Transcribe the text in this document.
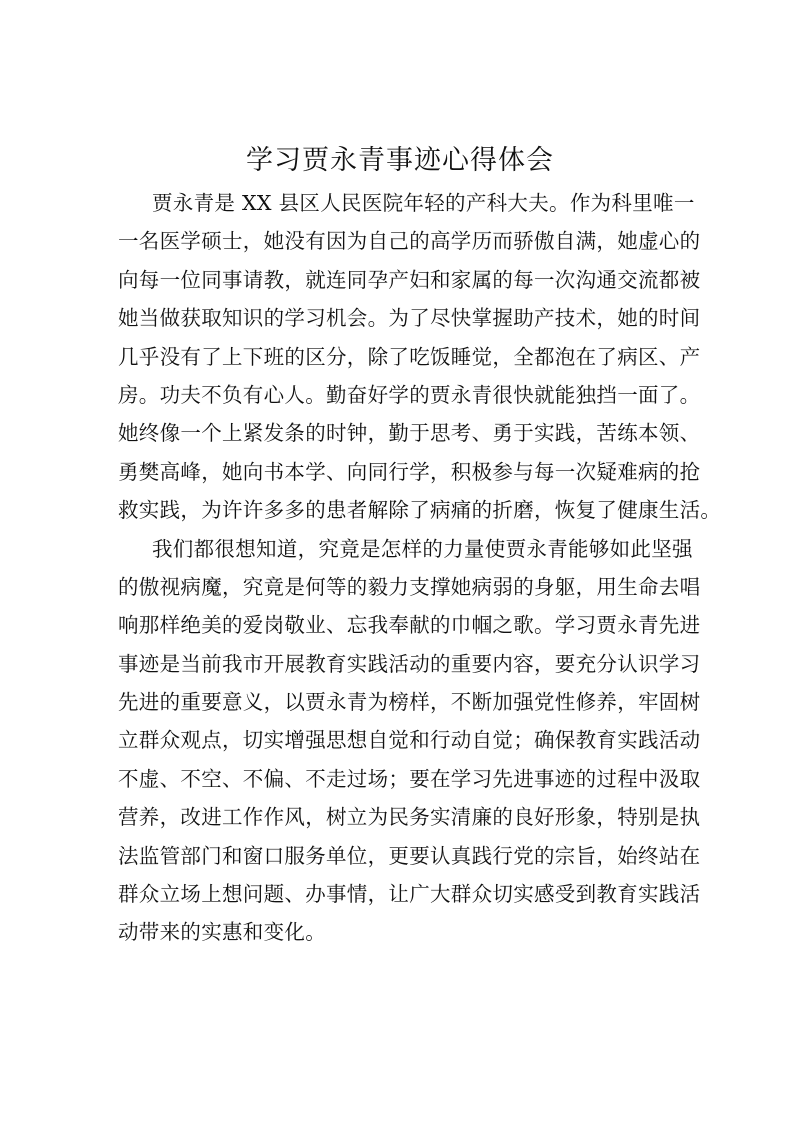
学习贾永青事迹心得体会
贾永青是 XX 县区人民医院年轻的产科大夫。作为科里唯一
一名医学硕士，她没有因为自己的高学历而骄傲自满，她虚心的
向每一位同事请教，就连同孕产妇和家属的每一次沟通交流都被
她当做获取知识的学习机会。为了尽快掌握助产技术，她的时间
几乎没有了上下班的区分，除了吃饭睡觉，全都泡在了病区、产
房。功夫不负有心人。勤奋好学的贾永青很快就能独挡一面了。
她终像一个上紧发条的时钟，勤于思考、勇于实践，苦练本领、
勇樊高峰，她向书本学、向同行学，积极参与每一次疑难病的抢
救实践，为许许多多的患者解除了病痛的折磨，恢复了健康生活。
我们都很想知道，究竟是怎样的力量使贾永青能够如此坚强
的傲视病魔，究竟是何等的毅力支撑她病弱的身躯，用生命去唱
响那样绝美的爱岗敬业、忘我奉献的巾帼之歌。学习贾永青先进
事迹是当前我市开展教育实践活动的重要内容，要充分认识学习
先进的重要意义，以贾永青为榜样，不断加强党性修养，牢固树
立群众观点，切实增强思想自觉和行动自觉；确保教育实践活动
不虚、不空、不偏、不走过场；要在学习先进事迹的过程中汲取
营养，改进工作作风，树立为民务实清廉的良好形象，特别是执
法监管部门和窗口服务单位，更要认真践行党的宗旨，始终站在
群众立场上想问题、办事情，让广大群众切实感受到教育实践活
动带来的实惠和变化。
